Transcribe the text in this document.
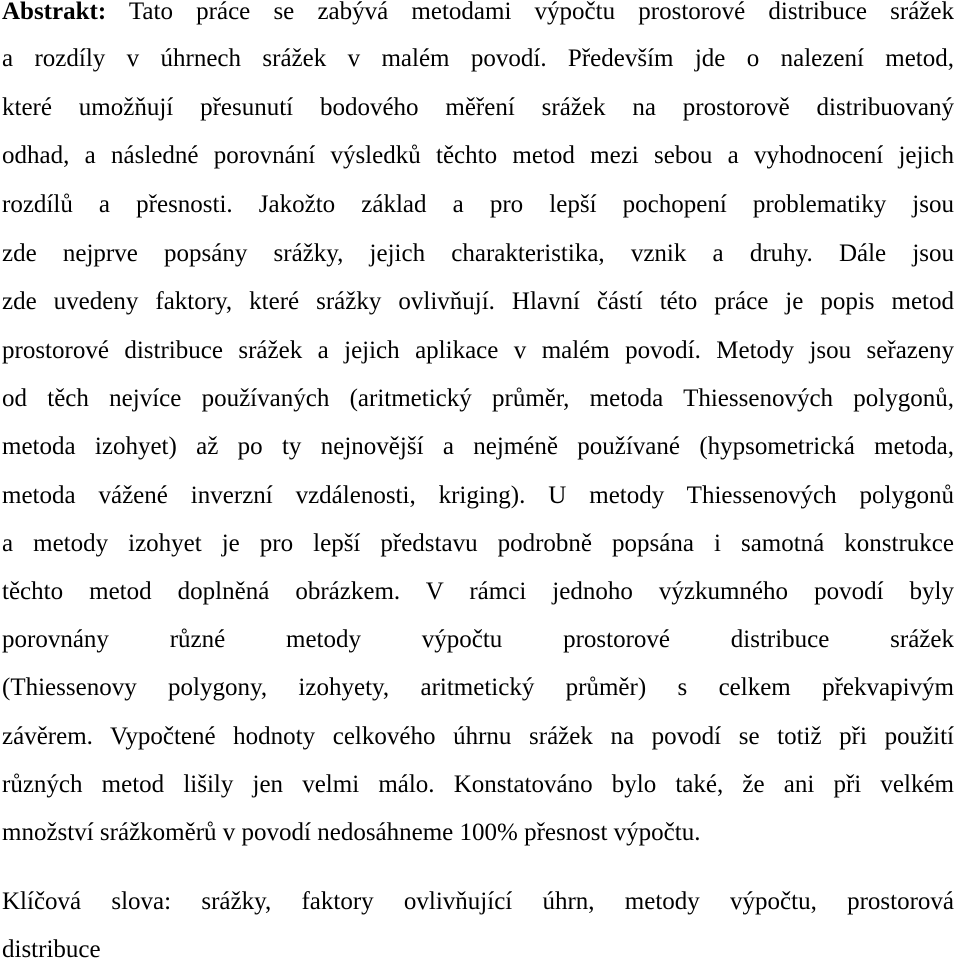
Abstrakt: Tato práce se zabývá metodami výpočtu prostorové distribuce srážek
a rozdíly v úhrnech srážek v malém povodí. Především jde o nalezení metod,
které umožňují přesunutí bodového měření srážek na prostorově distribuovaný
odhad, a následné porovnání výsledků těchto metod mezi sebou a vyhodnocení jejich
rozdílů a přesnosti. Jakožto základ a pro lepší pochopení problematiky jsou
zde nejprve popsány srážky, jejich charakteristika, vznik a druhy. Dále jsou
zde uvedeny faktory, které srážky ovlivňují. Hlavní částí této práce je popis metod
prostorové distribuce srážek a jejich aplikace v malém povodí. Metody jsou seřazeny
od těch nejvíce používaných (aritmetický průměr, metoda Thiessenových polygonů,
metoda izohyet) až po ty nejnovější a nejméně používané (hypsometrická metoda,
metoda vážené inverzní vzdálenosti, kriging). U metody Thiessenových polygonů
a metody izohyet je pro lepší představu podrobně popsána i samotná konstrukce
těchto metod doplněná obrázkem. V rámci jednoho výzkumného povodí byly
porovnány různé metody výpočtu prostorové distribuce srážek
(Thiessenovy polygony, izohyety, aritmetický průměr) s celkem překvapivým
závěrem. Vypočtené hodnoty celkového úhrnu srážek na povodí se totiž při použití
různých metod lišily jen velmi málo. Konstatováno bylo také, že ani při velkém
množství srážkoměrů v povodí nedosáhneme 100% přesnost výpočtu.
Klíčová slova: srážky, faktory ovlivňující úhrn, metody výpočtu, prostorová
distribuce
